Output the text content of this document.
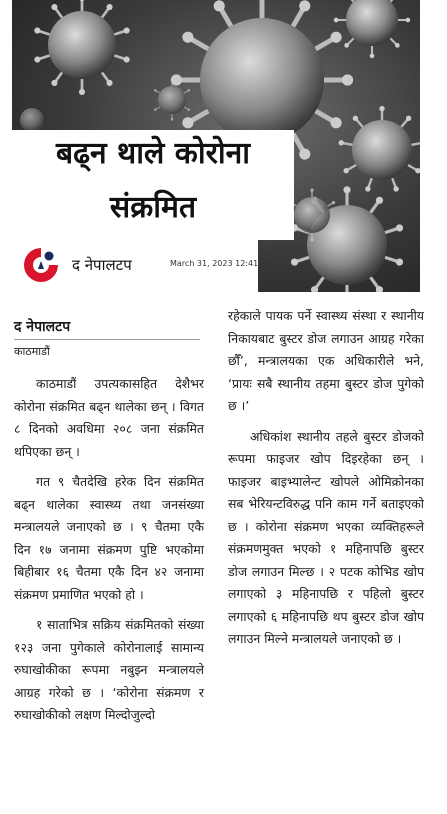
बढ्न थाले कोरोना
संक्रमित
द नेपालटप	March 31, 2023 12:41 am
द नेपालटप
काठमाडौं

काठमाडौं उपत्यकासहित देशैभर कोरोना संक्रमित बढ्न थालेका छन् । विगत ८ दिनको अवधिमा २०८ जना संक्रमित थपिएका छन् ।

गत ९ चैतदेखि हरेक दिन संक्रमित बढ्न थालेका स्वास्थ्य तथा जनसंख्या मन्त्रालयले जनाएको छ । ९ चैतमा एकै दिन १७ जनामा संक्रमण पुष्टि भएकोमा बिहीबार १६ चैतमा एकै दिन ४२ जनामा संक्रमण प्रमाणित भएको हो ।

१ साताभित्र सक्रिय संक्रमितको संख्या १२३ जना पुगेकाले कोरोनालाई सामान्य रुघाखोकीका रूपमा नबुझ्न मन्त्रालयले आग्रह गरेको छ । ‘कोरोना संक्रमण र रुघाखोकीको लक्षण मिल्दोजुल्दो

रहेकाले पायक पर्ने स्वास्थ्य संस्था र स्थानीय निकायबाट बुस्टर डोज लगाउन आग्रह गरेका छौँ’, मन्त्रालयका एक अधिकारीले भने, ‘प्रायः सबै स्थानीय तहमा बुस्टर डोज पुगेको छ ।’

अधिकांश स्थानीय तहले बुस्टर डोजको रूपमा फाइजर खोप दिइरहेका छन् । फाइजर बाइभ्यालेन्ट खोपले ओमिक्रोनका सब भेरियन्टविरुद्ध पनि काम गर्ने बताइएको छ । कोरोना संक्रमण भएका व्यक्तिहरूले संक्रमणमुक्त भएको १ महिनापछि बुस्टर डोज लगाउन मिल्छ । २ पटक कोभिड खोप लगाएको ३ महिनापछि र पहिलो बुस्टर लगाएको ६ महिनापछि थप बुस्टर डोज खोप लगाउन मिल्ने मन्त्रालयले जनाएको छ ।
